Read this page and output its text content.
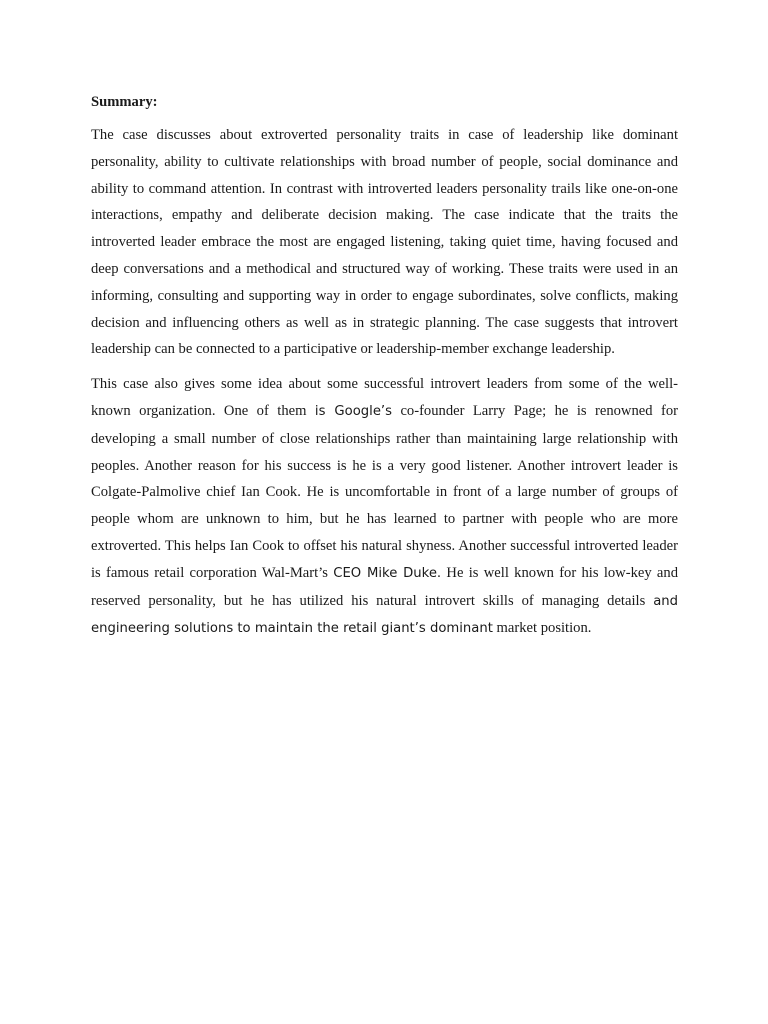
Summary:

The case discusses about extroverted personality traits in case of leadership like dominant personality, ability to cultivate relationships with broad number of people, social dominance and ability to command attention. In contrast with introverted leaders personality trails like one-on-one interactions, empathy and deliberate decision making. The case indicate that the traits the introverted leader embrace the most are engaged listening, taking quiet time, having focused and deep conversations and a methodical and structured way of working. These traits were used in an informing, consulting and supporting way in order to engage subordinates, solve conflicts, making decision and influencing others as well as in strategic planning. The case suggests that introvert leadership can be connected to a participative or leadership-member exchange leadership.

This case also gives some idea about some successful introvert leaders from some of the well-known organization. One of them is Google’s co-founder Larry Page; he is renowned for developing a small number of close relationships rather than maintaining large relationship with peoples. Another reason for his success is he is a very good listener. Another introvert leader is Colgate-Palmolive chief Ian Cook. He is uncomfortable in front of a large number of groups of people whom are unknown to him, but he has learned to partner with people who are more extroverted. This helps Ian Cook to offset his natural shyness. Another successful introverted leader is famous retail corporation Wal-Mart’s CEO Mike Duke. He is well known for his low-key and reserved personality, but he has utilized his natural introvert skills of managing details and engineering solutions to maintain the retail giant’s dominant market position.
